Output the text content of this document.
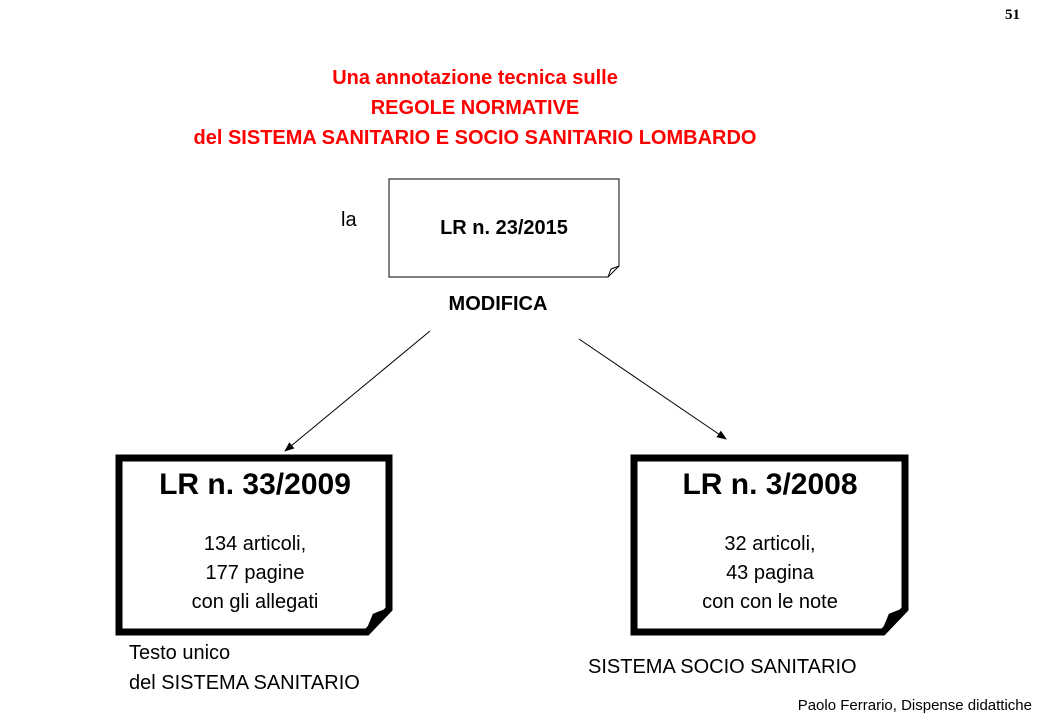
51
Una annotazione tecnica sulle
REGOLE NORMATIVE
del SISTEMA SANITARIO E SOCIO SANITARIO LOMBARDO
la	LR n. 23/2015
MODIFICA
LR n. 33/2009
134 articoli,
177 pagine
con gli allegati
Testo unico
del SISTEMA SANITARIO
LR n. 3/2008
32 articoli,
43 pagina
con con le note
SISTEMA SOCIO SANITARIO
Paolo Ferrario, Dispense didattiche
